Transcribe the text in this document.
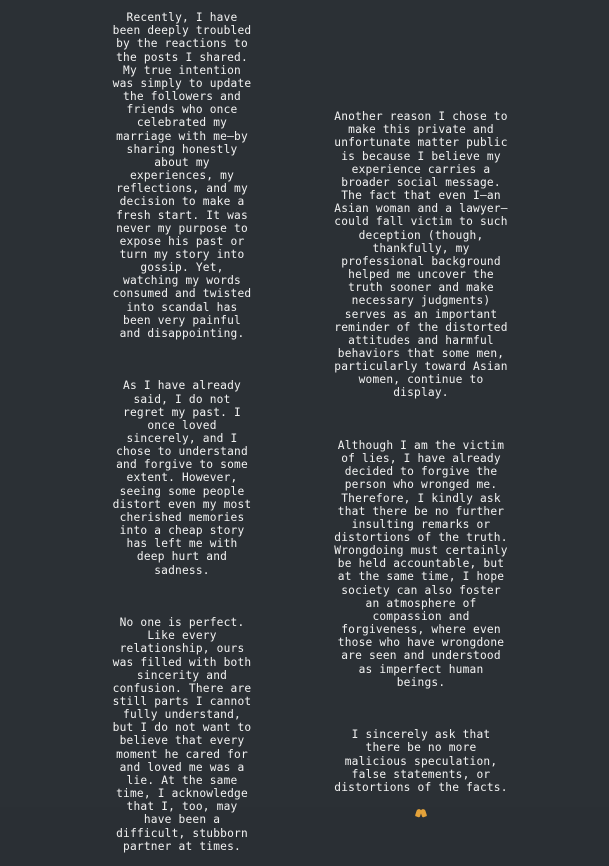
Recently, I have
been deeply troubled
by the reactions to
the posts I shared.
My true intention
was simply to update
the followers and
friends who once
celebrated my
marriage with me—by
sharing honestly
about my
experiences, my
reflections, and my
decision to make a
fresh start. It was
never my purpose to
expose his past or
turn my story into
gossip. Yet,
watching my words
consumed and twisted
into scandal has
been very painful
and disappointing.

As I have already
said, I do not
regret my past. I
once loved
sincerely, and I
chose to understand
and forgive to some
extent. However,
seeing some people
distort even my most
cherished memories
into a cheap story
has left me with
deep hurt and
sadness.

No one is perfect.
Like every
relationship, ours
was filled with both
sincerity and
confusion. There are
still parts I cannot
fully understand,
but I do not want to
believe that every
moment he cared for
and loved me was a
lie. At the same
time, I acknowledge
that I, too, may
have been a
difficult, stubborn
partner at times.

Another reason I chose to
make this private and
unfortunate matter public
is because I believe my
experience carries a
broader social message.
The fact that even I—an
Asian woman and a lawyer—
could fall victim to such
deception (though,
thankfully, my
professional background
helped me uncover the
truth sooner and make
necessary judgments)
serves as an important
reminder of the distorted
attitudes and harmful
behaviors that some men,
particularly toward Asian
women, continue to
display.

Although I am the victim
of lies, I have already
decided to forgive the
person who wronged me.
Therefore, I kindly ask
that there be no further
insulting remarks or
distortions of the truth.
Wrongdoing must certainly
be held accountable, but
at the same time, I hope
society can also foster
an atmosphere of
compassion and
forgiveness, where even
those who have wrongdone
are seen and understood
as imperfect human
beings.

I sincerely ask that
there be no more
malicious speculation,
false statements, or
distortions of the facts.
